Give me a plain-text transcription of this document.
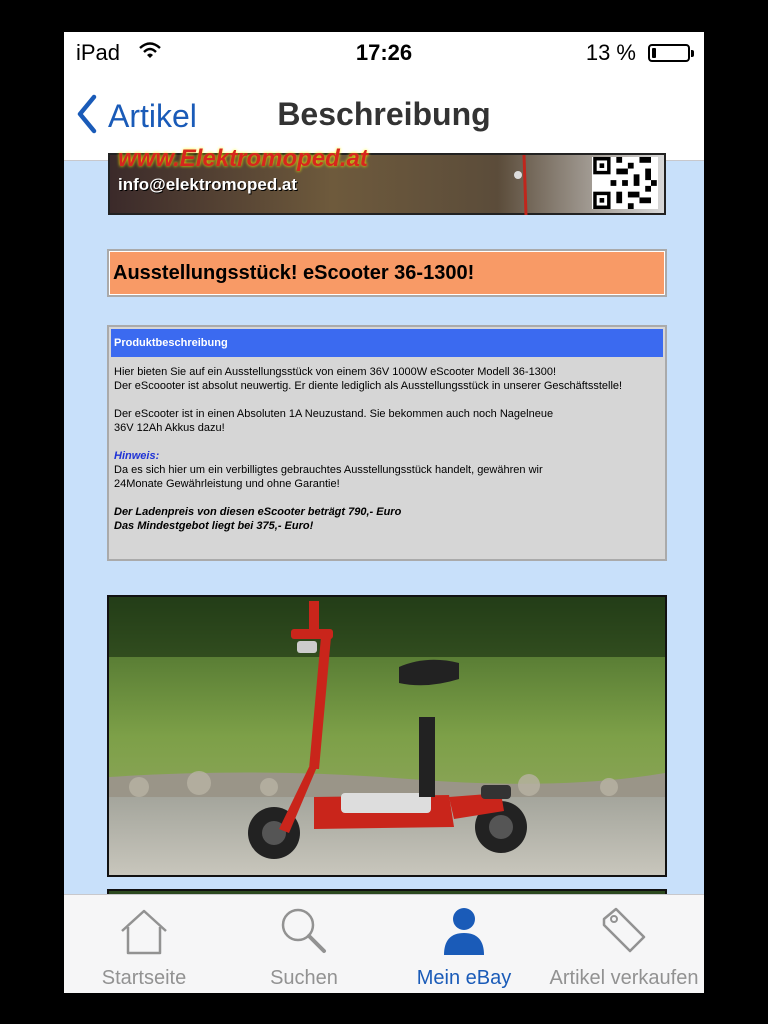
iPad	17:26	13 %
Artikel	Beschreibung
www.Elektromoped.at
info@elektromoped.at
Ausstellungsstück! eScooter 36-1300!
Produktbeschreibung

Hier bieten Sie auf ein Ausstellungsstück von einem 36V 1000W eScooter Modell 36-1300!

Der eScoooter ist absolut neuwertig. Er diente lediglich als Ausstellungsstück in unserer Geschäftsstelle!

Der eScooter ist in einen Absoluten 1A Neuzustand. Sie bekommen auch noch Nagelneue

36V 12Ah Akkus dazu!

Hinweis:

Da es sich hier um ein verbilligtes gebrauchtes Ausstellungsstück handelt, gewähren wir

24Monate Gewährleistung und ohne Garantie!

Der Ladenpreis von diesen eScooter beträgt 790,- Euro

Das Mindestgebot liegt bei 375,- Euro!

Startseite	Suchen	Mein eBay	Artikel verkaufen
